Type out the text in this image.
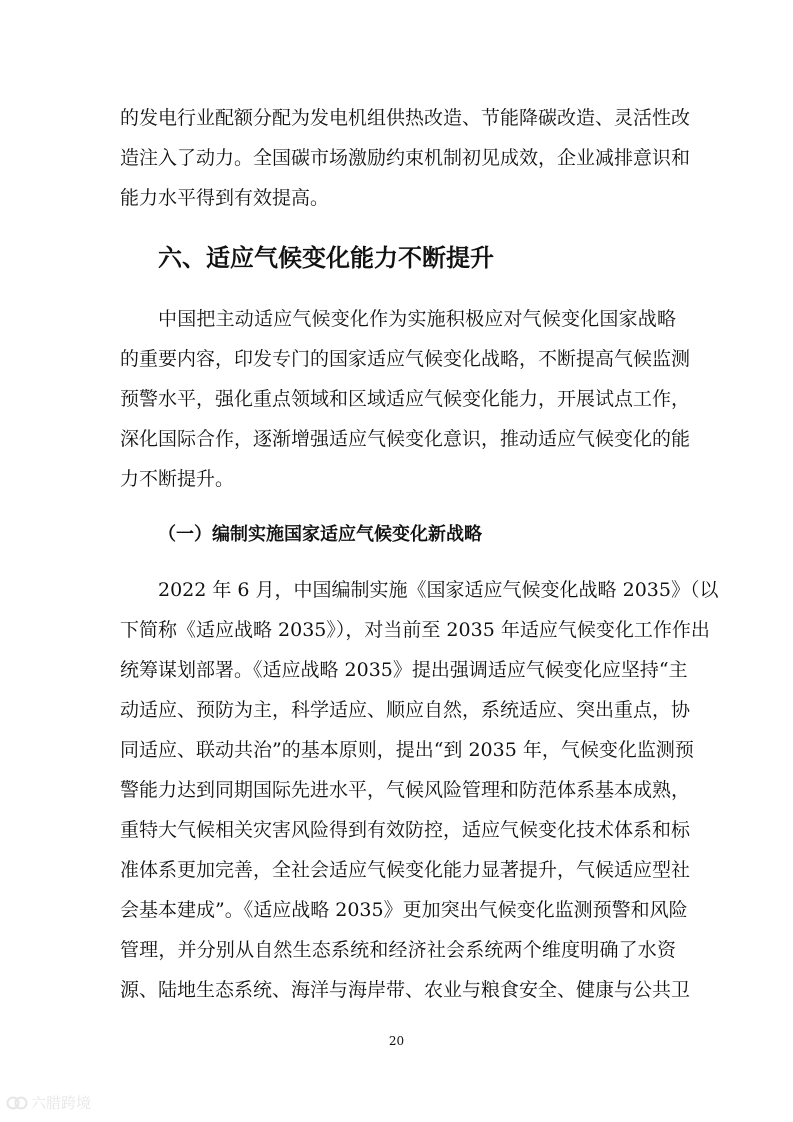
的发电行业配额分配为发电机组供热改造、节能降碳改造、灵活性改
造注入了动力。全国碳市场激励约束机制初见成效，企业减排意识和
能力水平得到有效提高。
六、适应气候变化能力不断提升
中国把主动适应气候变化作为实施积极应对气候变化国家战略
的重要内容，印发专门的国家适应气候变化战略，不断提高气候监测
预警水平，强化重点领域和区域适应气候变化能力，开展试点工作，
深化国际合作，逐渐增强适应气候变化意识，推动适应气候变化的能
力不断提升。
（一）编制实施国家适应气候变化新战略
2022 年 6 月，中国编制实施《国家适应气候变化战略 2035》（以
下简称《适应战略 2035》），对当前至 2035 年适应气候变化工作作出
统筹谋划部署。《适应战略 2035》提出强调适应气候变化应坚持“主
动适应、预防为主，科学适应、顺应自然，系统适应、突出重点，协
同适应、联动共治”的基本原则，提出“到 2035 年，气候变化监测预
警能力达到同期国际先进水平，气候风险管理和防范体系基本成熟，
重特大气候相关灾害风险得到有效防控，适应气候变化技术体系和标
准体系更加完善，全社会适应气候变化能力显著提升，气候适应型社
会基本建成”。《适应战略 2035》更加突出气候变化监测预警和风险
管理，并分别从自然生态系统和经济社会系统两个维度明确了水资
源、陆地生态系统、海洋与海岸带、农业与粮食安全、健康与公共卫
20
六腊跨境
